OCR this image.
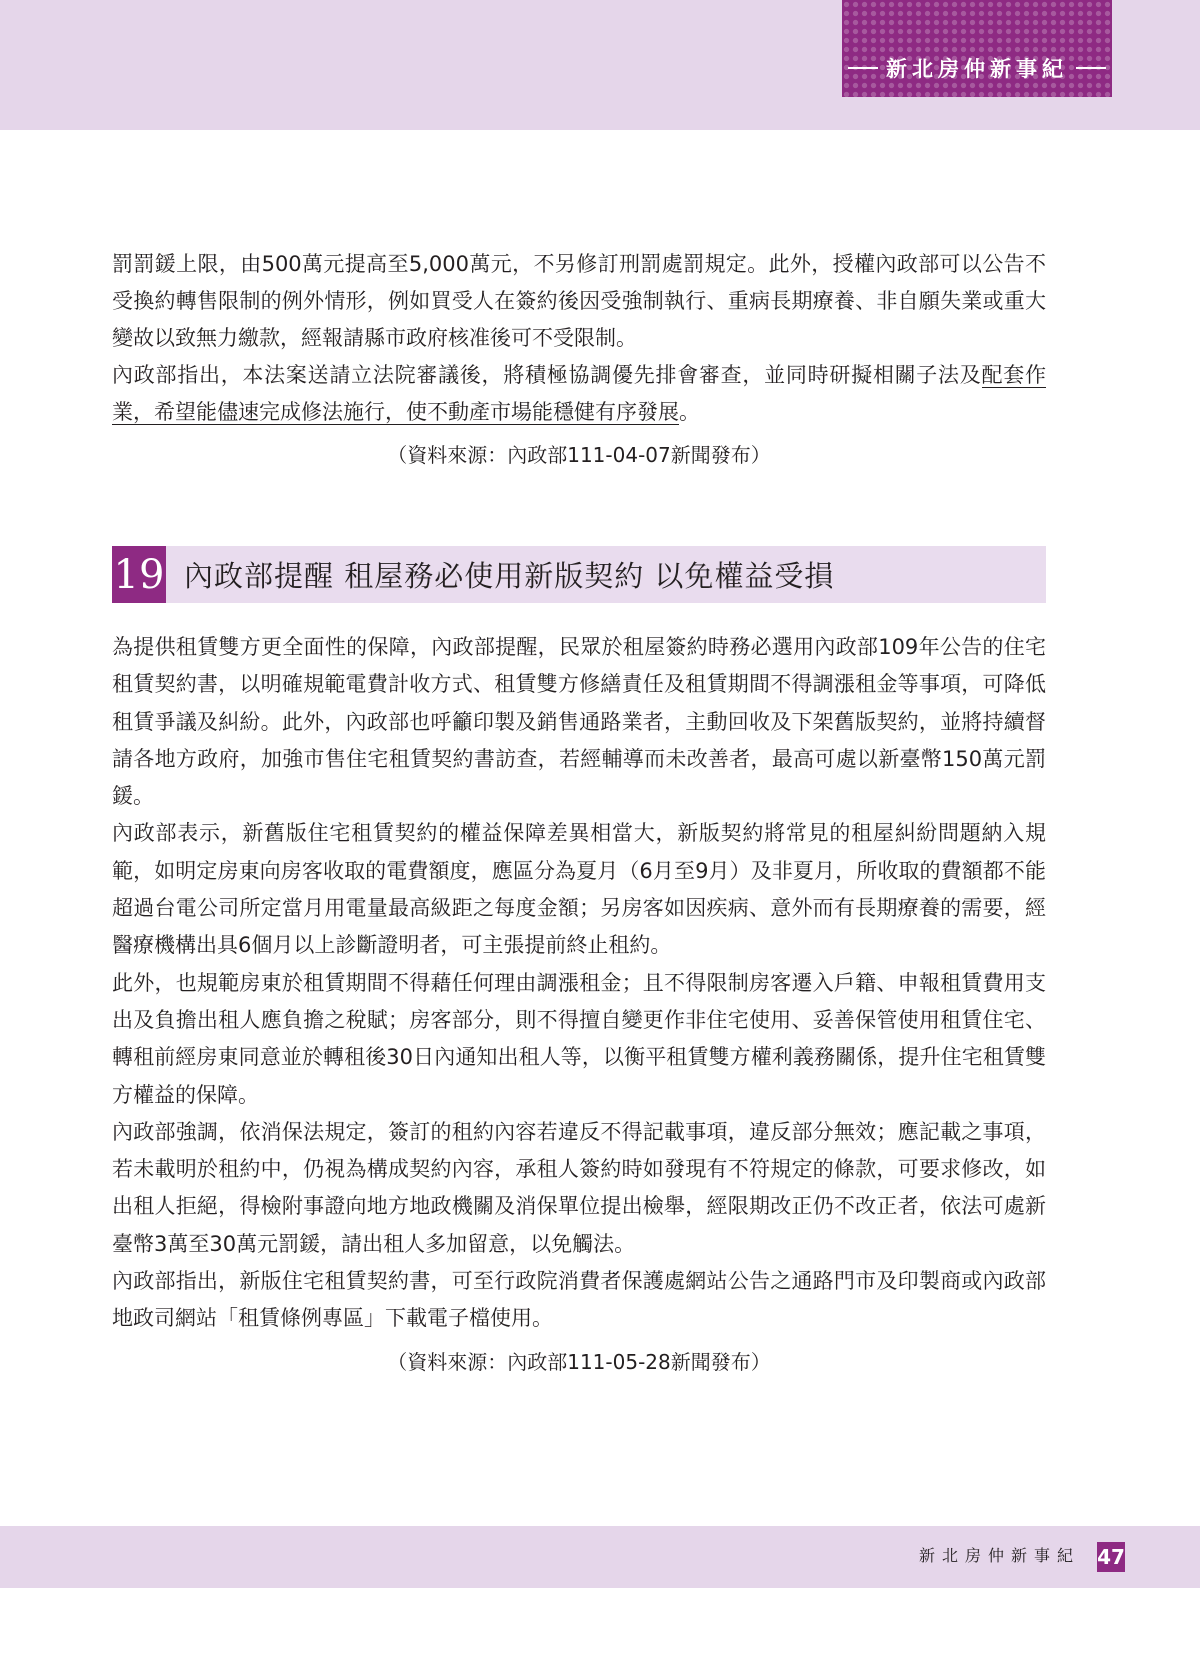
新北房仲新事紀

罰罰鍰上限，由500萬元提高至5,000萬元，不另修訂刑罰處罰規定。此外，授權內政部可以公告不受換約轉售限制的例外情形，例如買受人在簽約後因受強制執行、重病長期療養、非自願失業或重大變故以致無力繳款，經報請縣市政府核准後可不受限制。

內政部指出，本法案送請立法院審議後，將積極協調優先排會審查，並同時研擬相關子法及配套作業，希望能儘速完成修法施行，使不動產市場能穩健有序發展。

（資料來源：內政部111-04-07新聞發布）

19 內政部提醒 租屋務必使用新版契約 以免權益受損

為提供租賃雙方更全面性的保障，內政部提醒，民眾於租屋簽約時務必選用內政部109年公告的住宅租賃契約書，以明確規範電費計收方式、租賃雙方修繕責任及租賃期間不得調漲租金等事項，可降低租賃爭議及糾紛。此外，內政部也呼籲印製及銷售通路業者，主動回收及下架舊版契約，並將持續督請各地方政府，加強市售住宅租賃契約書訪查，若經輔導而未改善者，最高可處以新臺幣150萬元罰鍰。

內政部表示，新舊版住宅租賃契約的權益保障差異相當大，新版契約將常見的租屋糾紛問題納入規範，如明定房東向房客收取的電費額度，應區分為夏月（6月至9月）及非夏月，所收取的費額都不能超過台電公司所定當月用電量最高級距之每度金額；另房客如因疾病、意外而有長期療養的需要，經醫療機構出具6個月以上診斷證明者，可主張提前終止租約。

此外，也規範房東於租賃期間不得藉任何理由調漲租金；且不得限制房客遷入戶籍、申報租賃費用支出及負擔出租人應負擔之稅賦；房客部分，則不得擅自變更作非住宅使用、妥善保管使用租賃住宅、轉租前經房東同意並於轉租後30日內通知出租人等，以衡平租賃雙方權利義務關係，提升住宅租賃雙方權益的保障。

內政部強調，依消保法規定，簽訂的租約內容若違反不得記載事項，違反部分無效；應記載之事項，若未載明於租約中，仍視為構成契約內容，承租人簽約時如發現有不符規定的條款，可要求修改，如出租人拒絕，得檢附事證向地方地政機關及消保單位提出檢舉，經限期改正仍不改正者，依法可處新臺幣3萬至30萬元罰鍰，請出租人多加留意，以免觸法。

內政部指出，新版住宅租賃契約書，可至行政院消費者保護處網站公告之通路門市及印製商或內政部地政司網站「租賃條例專區」下載電子檔使用。

（資料來源：內政部111-05-28新聞發布）

新北房仲新事紀 47
